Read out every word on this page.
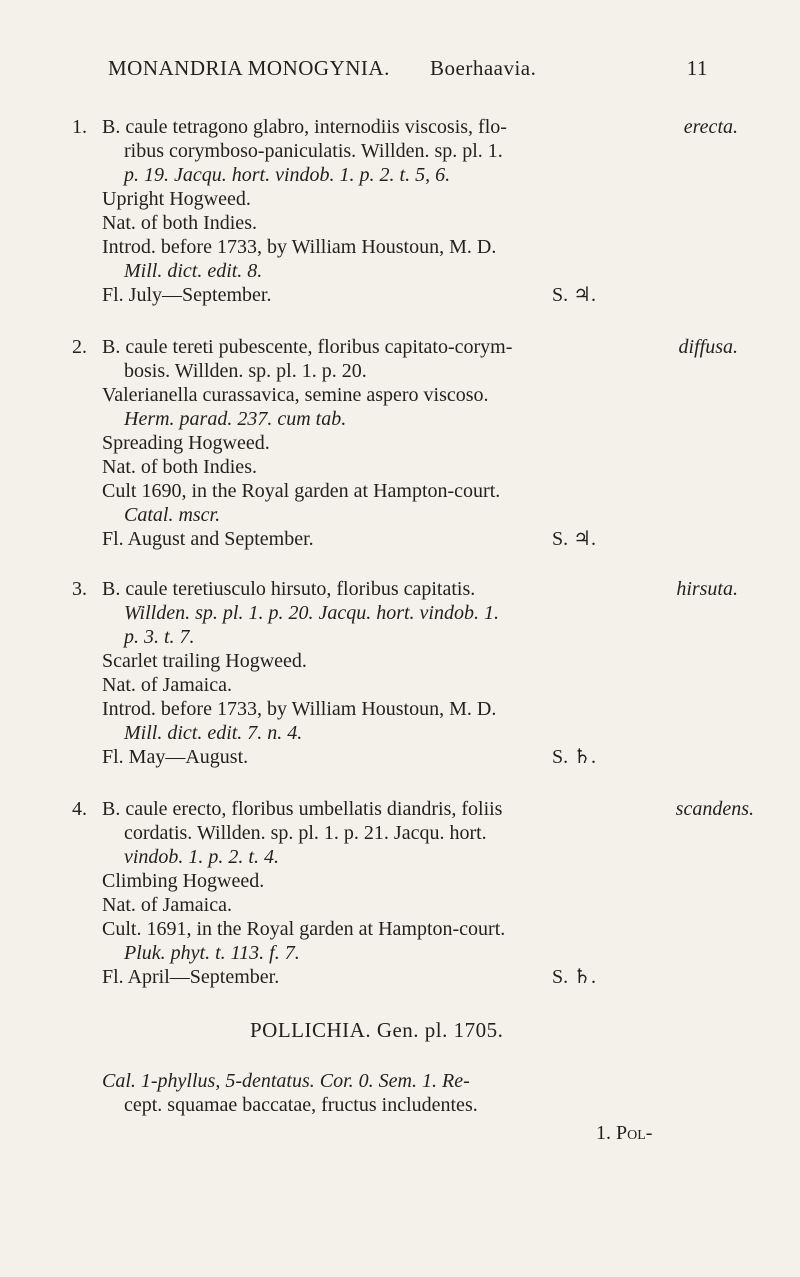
MONANDRIA MONOGYNIA. Boerhaavia.	11
1.	erecta.
B. caule tetragono glabro, internodiis viscosis, flo-
ribus corymboso-paniculatis. Willden. sp. pl. 1.
p. 19. Jacqu. hort. vindob. 1. p. 2. t. 5, 6.
Upright Hogweed.
Nat. of both Indies.
Introd. before 1733, by William Houstoun, M. D.
Mill. dict. edit. 8.
Fl. July—September.	S. ♃.
2.	diffusa.
B. caule tereti pubescente, floribus capitato-corym-
bosis. Willden. sp. pl. 1. p. 20.
Valerianella curassavica, semine aspero viscoso.
Herm. parad. 237. cum tab.
Spreading Hogweed.
Nat. of both Indies.
Cult 1690, in the Royal garden at Hampton-court.
Catal. mscr.
Fl. August and September.	S. ♃.
3.	hirsuta.
B. caule teretiusculo hirsuto, floribus capitatis.
Willden. sp. pl. 1. p. 20. Jacqu. hort. vindob. 1.
p. 3. t. 7.
Scarlet trailing Hogweed.
Nat. of Jamaica.
Introd. before 1733, by William Houstoun, M. D.
Mill. dict. edit. 7. n. 4.
Fl. May—August.	S. ♄.
4.	scandens.
B. caule erecto, floribus umbellatis diandris, foliis
cordatis. Willden. sp. pl. 1. p. 21. Jacqu. hort.
vindob. 1. p. 2. t. 4.
Climbing Hogweed.
Nat. of Jamaica.
Cult. 1691, in the Royal garden at Hampton-court.
Pluk. phyt. t. 113. f. 7.
Fl. April—September.	S. ♄.
POLLICHIA. Gen. pl. 1705.
Cal. 1-phyllus, 5-dentatus. Cor. 0. Sem. 1. Re-
cept. squamae baccatae, fructus includentes.
1. Pol-
